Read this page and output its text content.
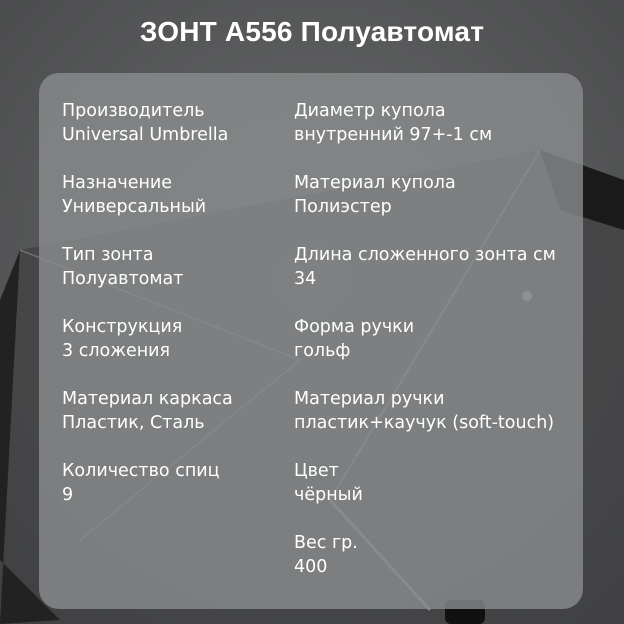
ЗОНТ A556 Полуавтомат
Производитель
Universal Umbrella
Назначение
Универсальный
Тип зонта
Полуавтомат
Конструкция
3 сложения
Материал каркаса
Пластик, Сталь
Количество спиц
9
Диаметр купола
внутренний 97+-1 см
Материал купола
Полиэстер
Длина сложенного зонта см
34
Форма ручки
гольф
Материал ручки
пластик+каучук (soft-touch)
Цвет
чёрный
Вес гр.
400
